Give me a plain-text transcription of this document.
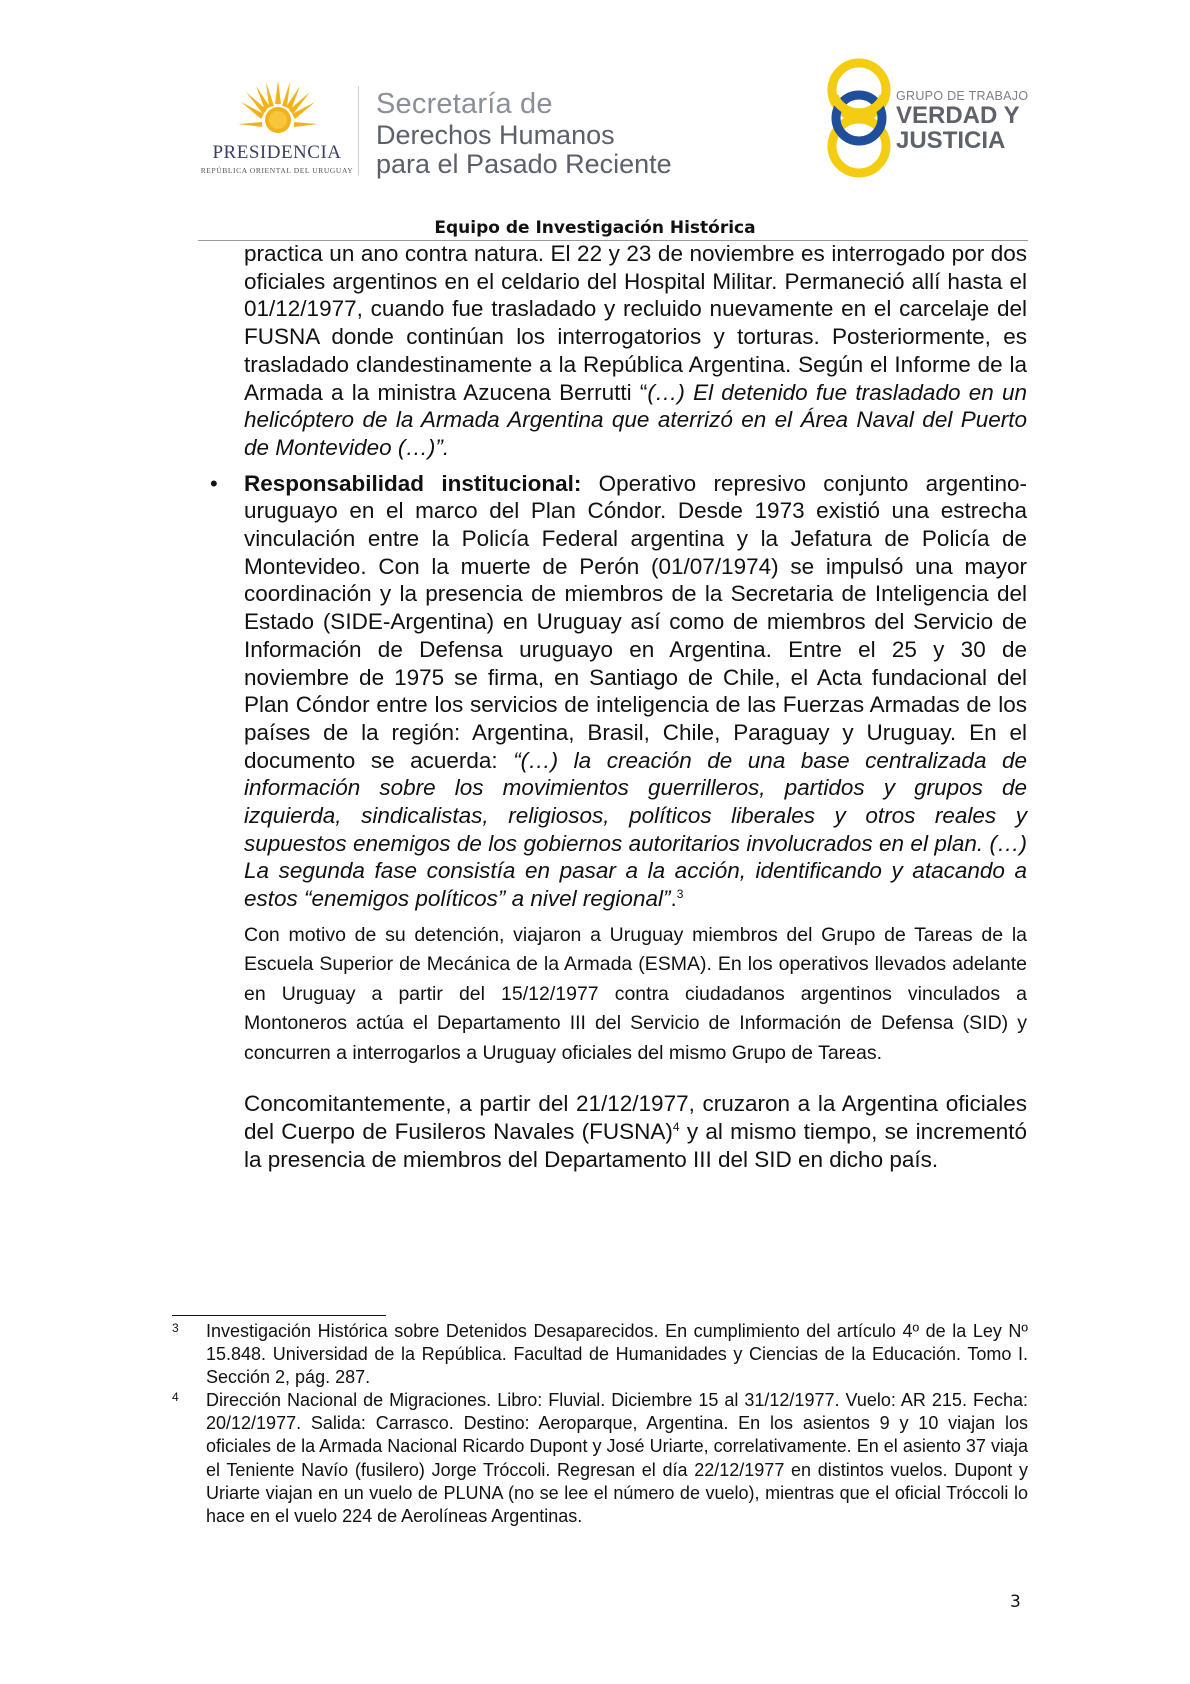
PRESIDENCIA
REPÚBLICA ORIENTAL DEL URUGUAY
Secretaría de
Derechos Humanos
para el Pasado Reciente
GRUPO DE TRABAJO
VERDAD Y
JUSTICIA
Equipo de Investigación Histórica

practica un ano contra natura. El 22 y 23 de noviembre es interrogado por dos oficiales argentinos en el celdario del Hospital Militar. Permaneció allí hasta el 01/12/1977, cuando fue trasladado y recluido nuevamente en el carcelaje del FUSNA donde continúan los interrogatorios y torturas. Posteriormente, es trasladado clandestinamente a la República Argentina. Según el Informe de la Armada a la ministra Azucena Berrutti “(…) El detenido fue trasladado en un helicóptero de la Armada Argentina que aterrizó en el Área Naval del Puerto de Montevideo (…)”.

• Responsabilidad institucional: Operativo represivo conjunto argentino-uruguayo en el marco del Plan Cóndor. Desde 1973 existió una estrecha vinculación entre la Policía Federal argentina y la Jefatura de Policía de Montevideo. Con la muerte de Perón (01/07/1974) se impulsó una mayor coordinación y la presencia de miembros de la Secretaria de Inteligencia del Estado (SIDE-Argentina) en Uruguay así como de miembros del Servicio de Información de Defensa uruguayo en Argentina. Entre el 25 y 30 de noviembre de 1975 se firma, en Santiago de Chile, el Acta fundacional del Plan Cóndor entre los servicios de inteligencia de las Fuerzas Armadas de los países de la región: Argentina, Brasil, Chile, Paraguay y Uruguay. En el documento se acuerda: “(…) la creación de una base centralizada de información sobre los movimientos guerrilleros, partidos y grupos de izquierda, sindicalistas, religiosos, políticos liberales y otros reales y supuestos enemigos de los gobiernos autoritarios involucrados en el plan. (…) La segunda fase consistía en pasar a la acción, identificando y atacando a estos “enemigos políticos” a nivel regional”.$^3$

Con motivo de su detención, viajaron a Uruguay miembros del Grupo de Tareas de la Escuela Superior de Mecánica de la Armada (ESMA). En los operativos llevados adelante en Uruguay a partir del 15/12/1977 contra ciudadanos argentinos vinculados a Montoneros actúa el Departamento III del Servicio de Información de Defensa (SID) y concurren a interrogarlos a Uruguay oficiales del mismo Grupo de Tareas.

Concomitantemente, a partir del 21/12/1977, cruzaron a la Argentina oficiales del Cuerpo de Fusileros Navales (FUSNA)$^4$ y al mismo tiempo, se incrementó la presencia de miembros del Departamento III del SID en dicho país.

3 Investigación Histórica sobre Detenidos Desaparecidos. En cumplimiento del artículo 4º de la Ley Nº 15.848. Universidad de la República. Facultad de Humanidades y Ciencias de la Educación. Tomo I. Sección 2, pág. 287.
4 Dirección Nacional de Migraciones. Libro: Fluvial. Diciembre 15 al 31/12/1977. Vuelo: AR 215. Fecha: 20/12/1977. Salida: Carrasco. Destino: Aeroparque, Argentina. En los asientos 9 y 10 viajan los oficiales de la Armada Nacional Ricardo Dupont y José Uriarte, correlativamente. En el asiento 37 viaja el Teniente Navío (fusilero) Jorge Tróccoli. Regresan el día 22/12/1977 en distintos vuelos. Dupont y Uriarte viajan en un vuelo de PLUNA (no se lee el número de vuelo), mientras que el oficial Tróccoli lo hace en el vuelo 224 de Aerolíneas Argentinas.
3
